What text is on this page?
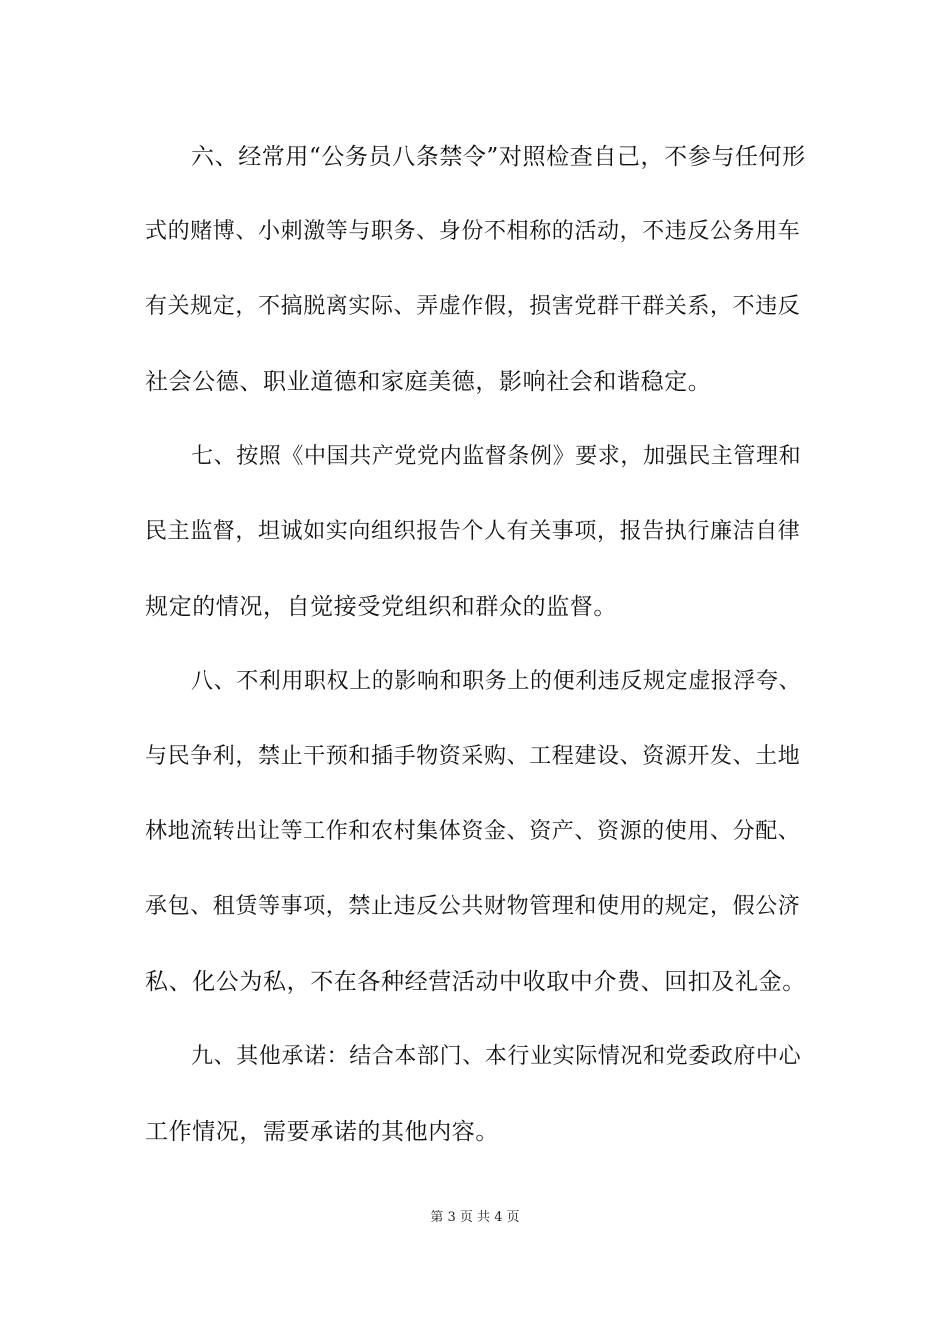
六、经常用“公务员八条禁令”对照检查自己，不参与任何形
式的赌博、小刺激等与职务、身份不相称的活动，不违反公务用车
有关规定，不搞脱离实际、弄虚作假，损害党群干群关系，不违反
社会公德、职业道德和家庭美德，影响社会和谐稳定。
七、按照《中国共产党党内监督条例》要求，加强民主管理和
民主监督，坦诚如实向组织报告个人有关事项，报告执行廉洁自律
规定的情况，自觉接受党组织和群众的监督。
八、不利用职权上的影响和职务上的便利违反规定虚报浮夸、
与民争利，禁止干预和插手物资采购、工程建设、资源开发、土地
林地流转出让等工作和农村集体资金、资产、资源的使用、分配、
承包、租赁等事项，禁止违反公共财物管理和使用的规定，假公济
私、化公为私，不在各种经营活动中收取中介费、回扣及礼金。
九、其他承诺：结合本部门、本行业实际情况和党委政府中心
工作情况，需要承诺的其他内容。
第 3 页 共 4 页
